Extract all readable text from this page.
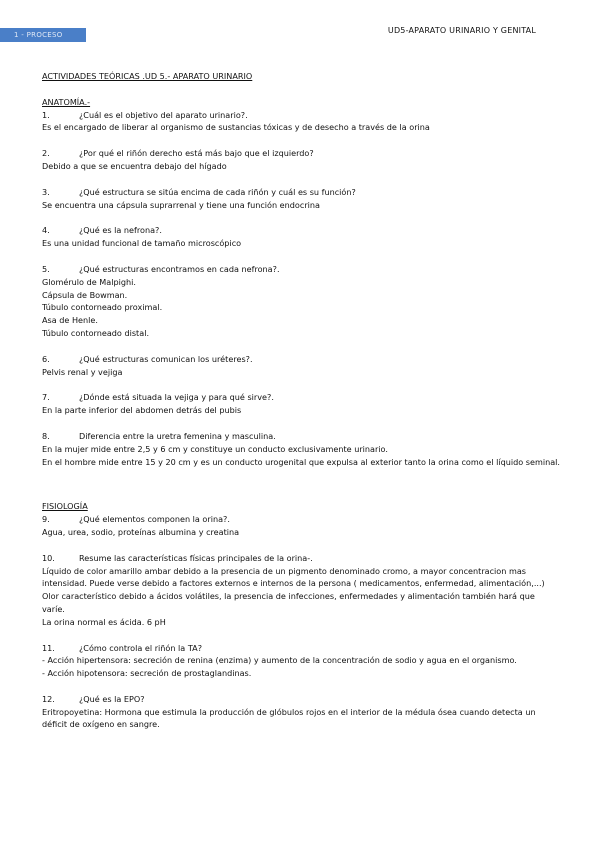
1 - PROCESO	UD5-APARATO URINARIO Y GENITAL
ACTIVIDADES TEÓRICAS .UD 5.- APARATO URINARIO
ANATOMÍA.-
1.	¿Cuál es el objetivo del aparato urinario?.
Es el encargado de liberar al organismo de sustancias tóxicas y de desecho a través de la orina
2.	¿Por qué el riñón derecho está más bajo que el izquierdo?
Debido a que se encuentra debajo del hígado
3.	¿Qué estructura se sitúa encima de cada riñón y cuál es su función?
Se encuentra una cápsula suprarrenal y tiene una función endocrina
4.	¿Qué es la nefrona?.
Es una unidad funcional de tamaño microscópico
5.	¿Qué estructuras encontramos en cada nefrona?.
Glomérulo de Malpighi.
Cápsula de Bowman.
Túbulo contorneado proximal.
Asa de Henle.
Túbulo contorneado distal.
6.	¿Qué estructuras comunican los uréteres?.
Pelvis renal y vejiga
7.	¿Dónde está situada la vejiga y para qué sirve?.
En la parte inferior del abdomen detrás del pubis
8.	Diferencia entre la uretra femenina y masculina.
En la mujer mide entre 2,5 y 6 cm y constituye un conducto exclusivamente urinario.
En el hombre mide entre 15 y 20 cm y es un conducto urogenital que expulsa al exterior tanto la orina como el líquido seminal.
FISIOLOGÍA
9.	¿Qué elementos componen la orina?.
Agua, urea, sodio, proteínas albumina y creatina
10.	Resume las características físicas principales de la orina-.
Líquido de color amarillo ambar debido a la presencia de un pigmento denominado cromo, a mayor concentracion mas
intensidad. Puede verse debido a factores externos e internos de la persona ( medicamentos, enfermedad, alimentación,...)
Olor característico debido a ácidos volátiles, la presencia de infecciones, enfermedades y alimentación también hará que
varíe.
La orina normal es ácida. 6 pH
11.	¿Cómo controla el riñón la TA?
- Acción hipertensora: secreción de renina (enzima) y aumento de la concentración de sodio y agua en el organismo.
- Acción hipotensora: secreción de prostaglandinas.
12.	¿Qué es la EPO?
Eritropoyetina: Hormona que estimula la producción de glóbulos rojos en el interior de la médula ósea cuando detecta un
déficit de oxígeno en sangre.
